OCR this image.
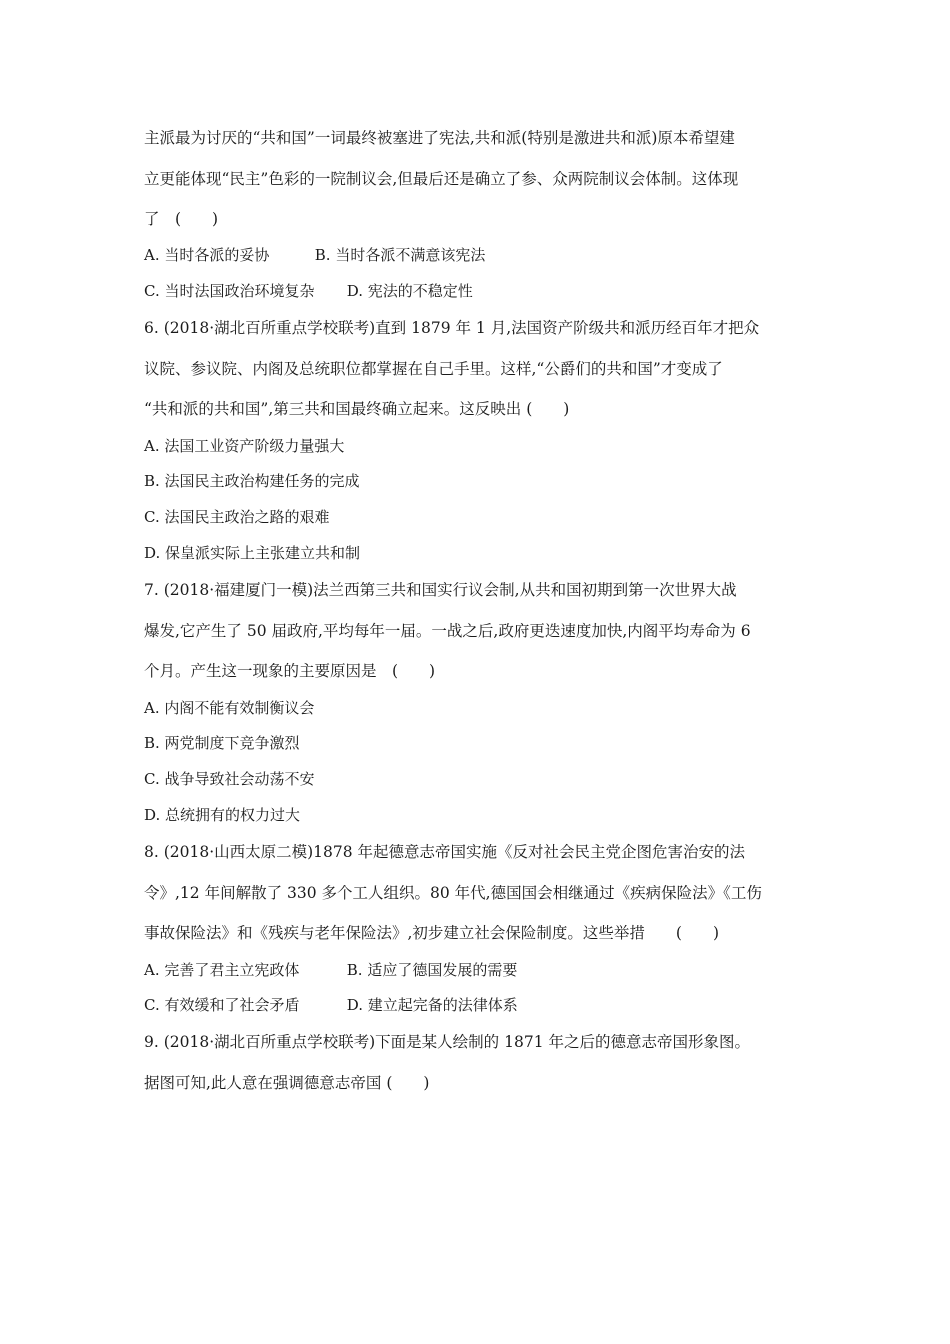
主派最为讨厌的“共和国”一词最终被塞进了宪法,共和派(特别是激进共和派)原本希望建
立更能体现“民主”色彩的一院制议会,但最后还是确立了参、众两院制议会体制。这体现
了　(　　)
A. 当时各派的妥协	B. 当时各派不满意该宪法
C. 当时法国政治环境复杂 D. 宪法的不稳定性
6. (2018·湖北百所重点学校联考)直到 1879 年 1 月,法国资产阶级共和派历经百年才把众
议院、参议院、内阁及总统职位都掌握在自己手里。这样,“公爵们的共和国”才变成了
“共和派的共和国”,第三共和国最终确立起来。这反映出 (　　)
A. 法国工业资产阶级力量强大
B. 法国民主政治构建任务的完成
C. 法国民主政治之路的艰难
D. 保皇派实际上主张建立共和制
7. (2018·福建厦门一模)法兰西第三共和国实行议会制,从共和国初期到第一次世界大战
爆发,它产生了 50 届政府,平均每年一届。一战之后,政府更迭速度加快,内阁平均寿命为 6
个月。产生这一现象的主要原因是　(　　)
A. 内阁不能有效制衡议会
B. 两党制度下竞争激烈
C. 战争导致社会动荡不安
D. 总统拥有的权力过大
8. (2018·山西太原二模)1878 年起德意志帝国实施《反对社会民主党企图危害治安的法
令》,12 年间解散了 330 多个工人组织。80 年代,德国国会相继通过《疾病保险法》《工伤
事故保险法》和《残疾与老年保险法》,初步建立社会保险制度。这些举措　　(　　)
A. 完善了君主立宪政体	B. 适应了德国发展的需要
C. 有效缓和了社会矛盾	D. 建立起完备的法律体系
9. (2018·湖北百所重点学校联考)下面是某人绘制的 1871 年之后的德意志帝国形象图。
据图可知,此人意在强调德意志帝国 (　　)
